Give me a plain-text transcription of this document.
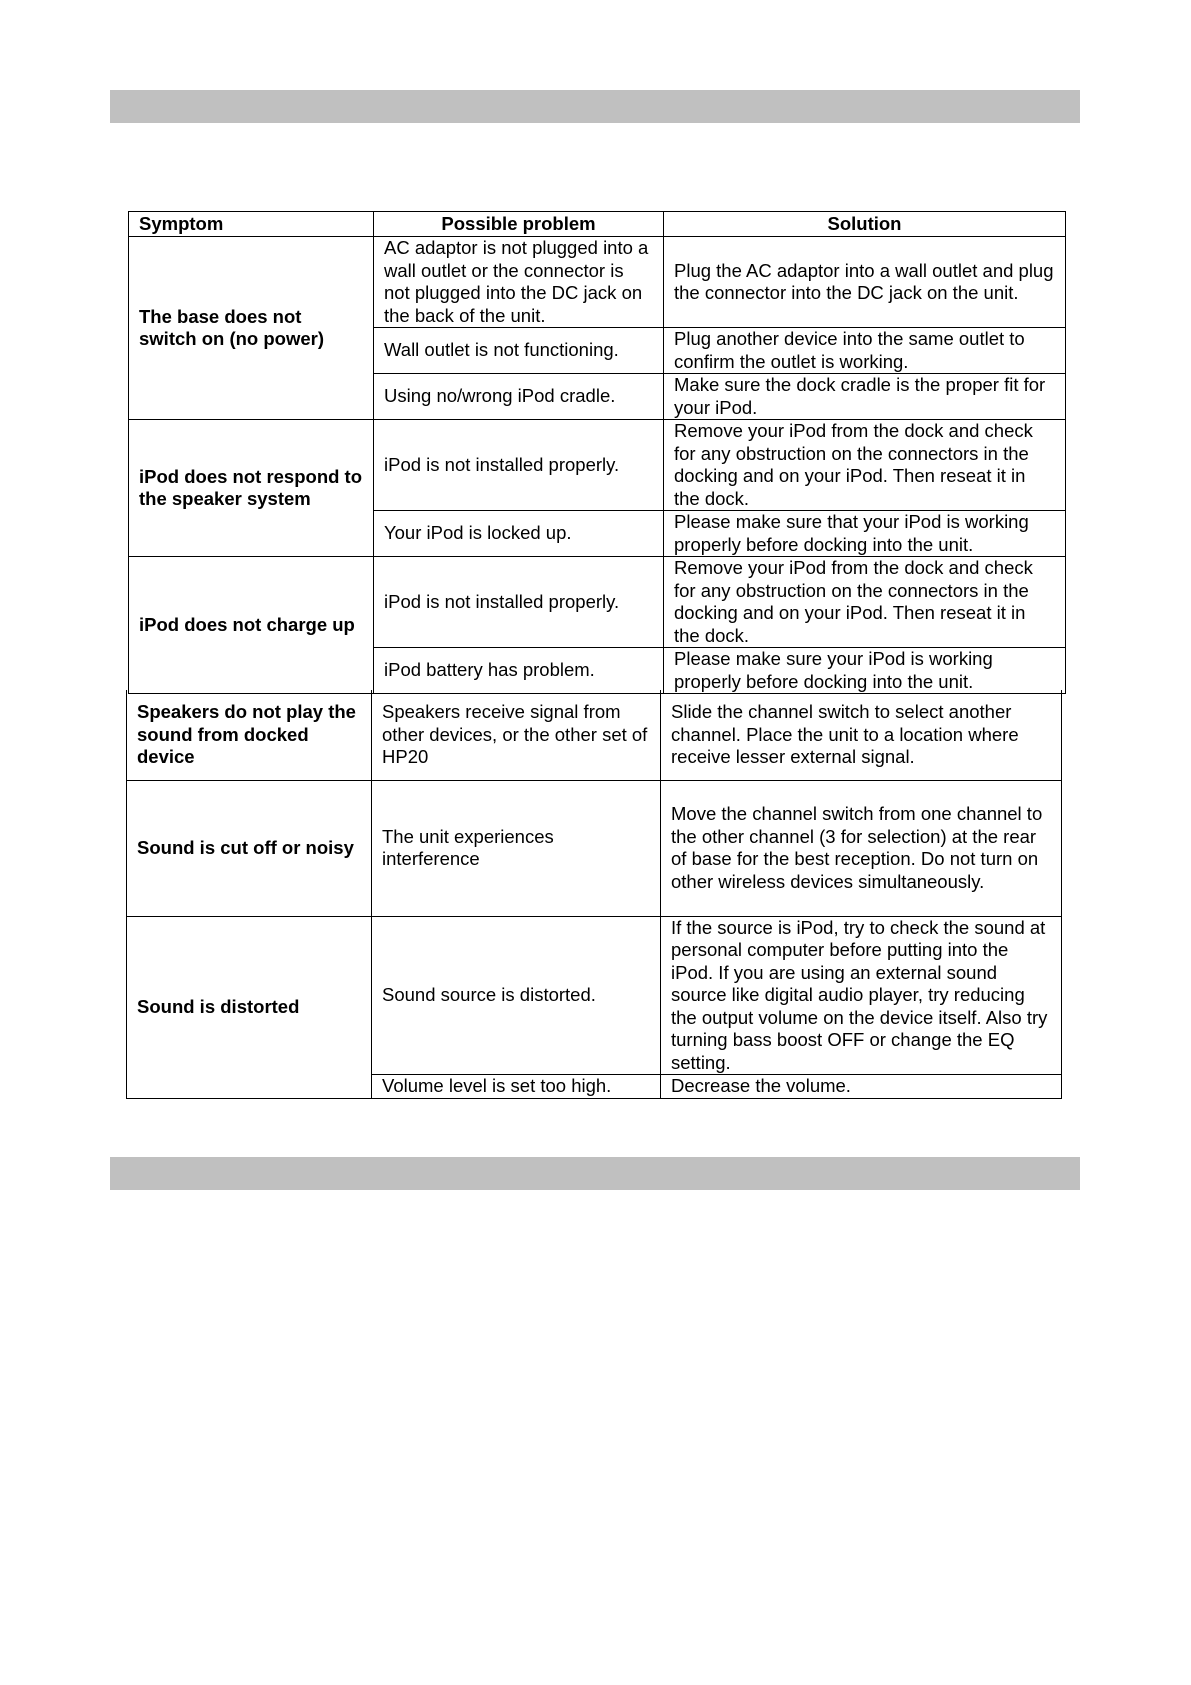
Symptom	Possible problem	Solution
The base does not switch on (no power)	AC adaptor is not plugged into a wall outlet or the connector is not plugged into the DC jack on the back of the unit.	Plug the AC adaptor into a wall outlet and plug the connector into the DC jack on the unit.
	Wall outlet is not functioning.	Plug another device into the same outlet to confirm the outlet is working.
	Using no/wrong iPod cradle.	Make sure the dock cradle is the proper fit for your iPod.
iPod does not respond to the speaker system	iPod is not installed properly.	Remove your iPod from the dock and check for any obstruction on the connectors in the docking and on your iPod. Then reseat it in the dock.
	Your iPod is locked up.	Please make sure that your iPod is working properly before docking into the unit.
iPod does not charge up	iPod is not installed properly.	Remove your iPod from the dock and check for any obstruction on the connectors in the docking and on your iPod. Then reseat it in the dock.
	iPod battery has problem.	Please make sure your iPod is working properly before docking into the unit.
Speakers do not play the sound from docked device	Speakers receive signal from other devices, or the other set of HP20	Slide the channel switch to select another channel. Place the unit to a location where receive lesser external signal.
Sound is cut off or noisy	The unit experiences interference	Move the channel switch from one channel to the other channel (3 for selection) at the rear of base for the best reception. Do not turn on other wireless devices simultaneously.
Sound is distorted	Sound source is distorted.	If the source is iPod, try to check the sound at personal computer before putting into the iPod. If you are using an external sound source like digital audio player, try reducing the output volume on the device itself. Also try turning bass boost OFF or change the EQ setting.
	Volume level is set too high.	Decrease the volume.
